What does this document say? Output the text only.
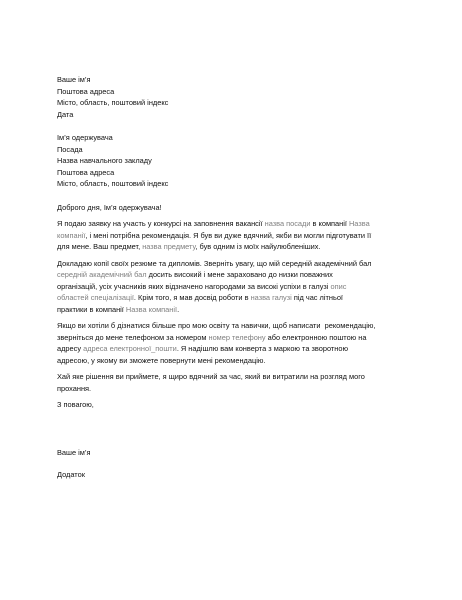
Ваше ім’я
Поштова адреса
Місто, область, поштовий індекс
Дата
Ім’я одержувача
Посада
Назва навчального закладу
Поштова адреса
Місто, область, поштовий індекс
Доброго дня, Ім’я одержувача!
Я подаю заявку на участь у конкурсі на заповнення вакансії назва посади в компанії Назва
компанії, і мені потрібна рекомендація. Я був ви дуже вдячний, якби ви могли підготувати її
для мене. Ваш предмет, назва предмету, був одним із моїх найулюбленіших.
Докладаю копії своїх резюме та дипломів. Зверніть увагу, що мій середній академічний бал
середній академічний бал досить високий і мене зараховано до низки поважних
організацій, усіх учасників яких відзначено нагородами за високі успіхи в галузі опис
областей спеціалізації. Крім того, я мав досвід роботи в назва галузі під час літньої
практики в компанії Назва компанії.
Якщо ви хотіли б дізнатися більше про мою освіту та навички, щоб написати  рекомендацію,
зверніться до мене телефоном за номером номер телефону або електронною поштою на
адресу адреса електронної_пошти. Я надішлю вам конверта з маркою та зворотною
адресою, у якому ви зможете повернути мені рекомендацію.
Хай яке рішення ви приймете, я щиро вдячний за час, який ви витратили на розгляд мого
прохання.
З повагою,
Ваше ім’я
Додаток
